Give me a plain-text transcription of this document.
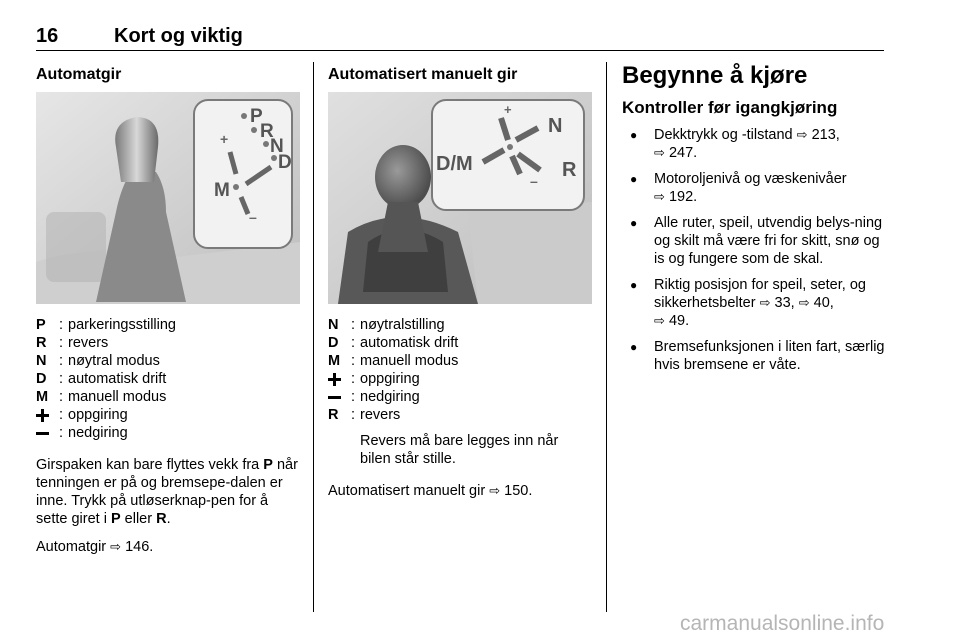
16	Kort og viktig
Automatgir
+
–
P
R
N
D
M
P : parkeringsstilling
R : revers
N : nøytral modus
D : automatisk drift
M : manuell modus
: oppgiring
: nedgiring

Girspaken kan bare flyttes vekk fra P når tenningen er på og bremsepe-dalen er inne. Trykk på utløserknap-pen for å sette giret i P eller R.

Automatgir ⇨ 146.

Automatisert manuelt gir
+
–
N
D/M	R
N : nøytralstilling
D : automatisk drift
M : manuell modus
: oppgiring
: nedgiring
R : revers

Revers må bare legges inn når bilen står stille.

Automatisert manuelt gir ⇨ 150.

Begynne å kjøre
Kontroller før igangkjøring
● Dekktrykk og -tilstand ⇨ 213,
⇨ 247.
● Motoroljenivå og væskenivåer
⇨ 192.
● Alle ruter, speil, utvendig belys-ning og skilt må være fri for skitt, snø og is og fungere som de skal.
● Riktig posisjon for speil, seter, og sikkerhetsbelter ⇨ 33, ⇨ 40,
⇨ 49.
● Bremsefunksjonen i liten fart, særlig hvis bremsene er våte.
carmanualsonline.info
